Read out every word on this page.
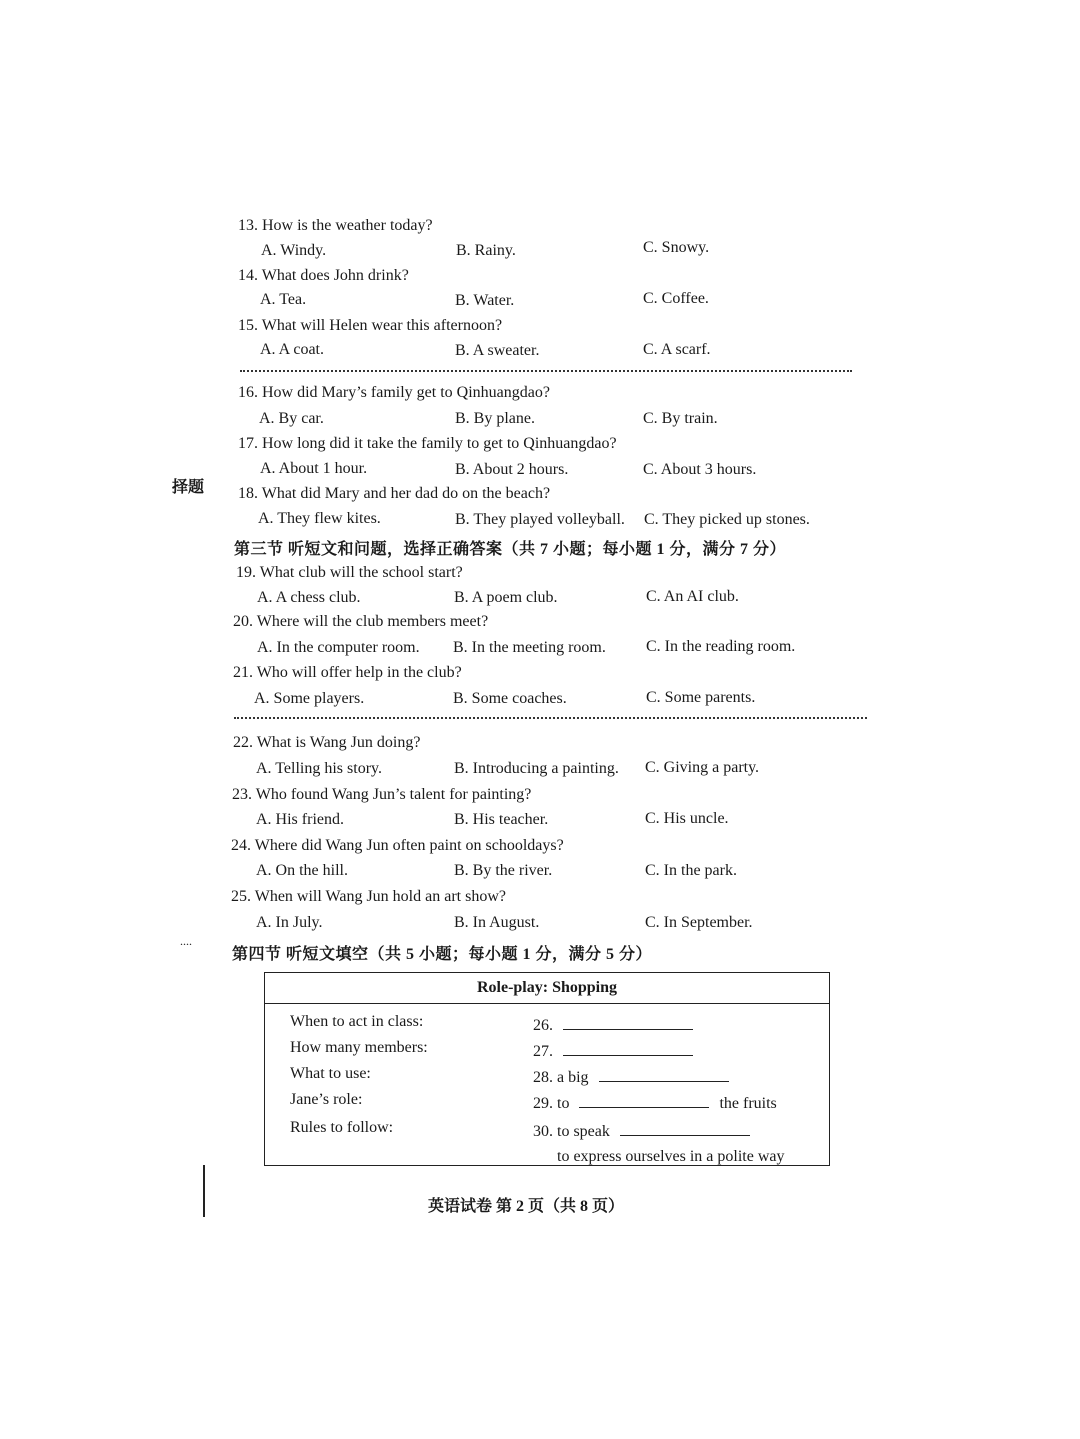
13. How is the weather today?
A. Windy.	B. Rainy.	C. Snowy.
14. What does John drink?
A. Tea.	B. Water.	C. Coffee.
15. What will Helen wear this afternoon?
A. A coat.	B. A sweater.	C. A scarf.
16. How did Mary’s family get to Qinhuangdao?
A. By car.	B. By plane.	C. By train.
17. How long did it take the family to get to Qinhuangdao?
A. About 1 hour.	B. About 2 hours.	C. About 3 hours.
择题 18. What did Mary and her dad do on the beach?
A. They flew kites.	B. They played volleyball. C. They picked up stones.
第三节 听短文和问题，选择正确答案（共 7 小题；每小题 1 分，满分 7 分）
19. What club will the school start?
A. A chess club.	B. A poem club.	C. An AI club.
20. Where will the club members meet?
A. In the computer room. B. In the meeting room.	C. In the reading room.
21. Who will offer help in the club?
A. Some players.	B. Some coaches.	C. Some parents.
22. What is Wang Jun doing?
A. Telling his story.	B. Introducing a painting. C. Giving a party.
23. Who found Wang Jun’s talent for painting?
A. His friend.	B. His teacher.	C. His uncle.
24. Where did Wang Jun often paint on schooldays?
A. On the hill.	B. By the river.	C. In the park.
25. When will Wang Jun hold an art show?
A. In July.	B. In August.	C. In September.
....
第四节 听短文填空（共 5 小题；每小题 1 分，满分 5 分）
Role-play: Shopping
When to act in class:	26.
How many members:	27.
What to use:	28. a big
Jane’s role:	29. to	the fruits
Rules to follow:	30. to speak
to express ourselves in a polite way
英语试卷 第 2 页（共 8 页）
